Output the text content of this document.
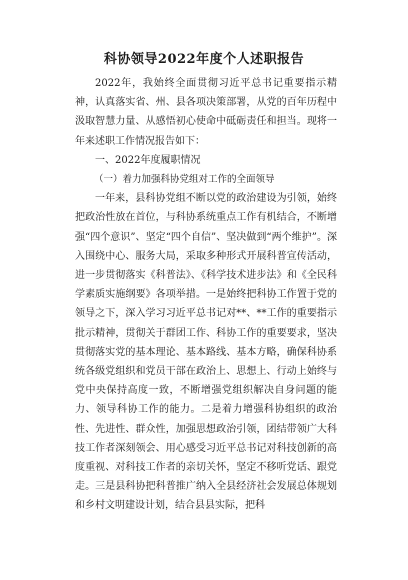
科协领导2022年度个人述职报告

2022年，我始终全面贯彻习近平总书记重要指示精神，认真落实省、州、县各项决策部署，从党的百年历程中汲取智慧力量、从感悟初心使命中砥砺责任和担当。现将一年来述职工作情况报告如下：

一、2022年度履职情况

（一）着力加强科协党组对工作的全面领导

一年来，县科协党组不断以党的政治建设为引领，始终把政治性放在首位，与科协系统重点工作有机结合，不断增强“四个意识”、坚定“四个自信”、坚决做到“两个维护”。深入围绕中心、服务大局，采取多种形式开展科普宣传活动，进一步贯彻落实《科普法》、《科学技术进步法》和《全民科学素质实施纲要》各项举措。一是始终把科协工作置于党的领导之下，深入学习习近平总书记对**、**工作的重要指示批示精神，贯彻关于群团工作、科协工作的重要要求，坚决贯彻落实党的基本理论、基本路线、基本方略，确保科协系统各级党组织和党员干部在政治上、思想上、行动上始终与党中央保持高度一致，不断增强党组织解决自身问题的能力、领导科协工作的能力。二是着力增强科协组织的政治性、先进性、群众性，加强思想政治引领，团结带领广大科技工作者深刻领会、用心感受习近平总书记对科技创新的高度重视、对科技工作者的亲切关怀，坚定不移听党话、跟党走。三是县科协把科普推广纳入全县经济社会发展总体规划和乡村文明建设计划，结合县县实际，把科
